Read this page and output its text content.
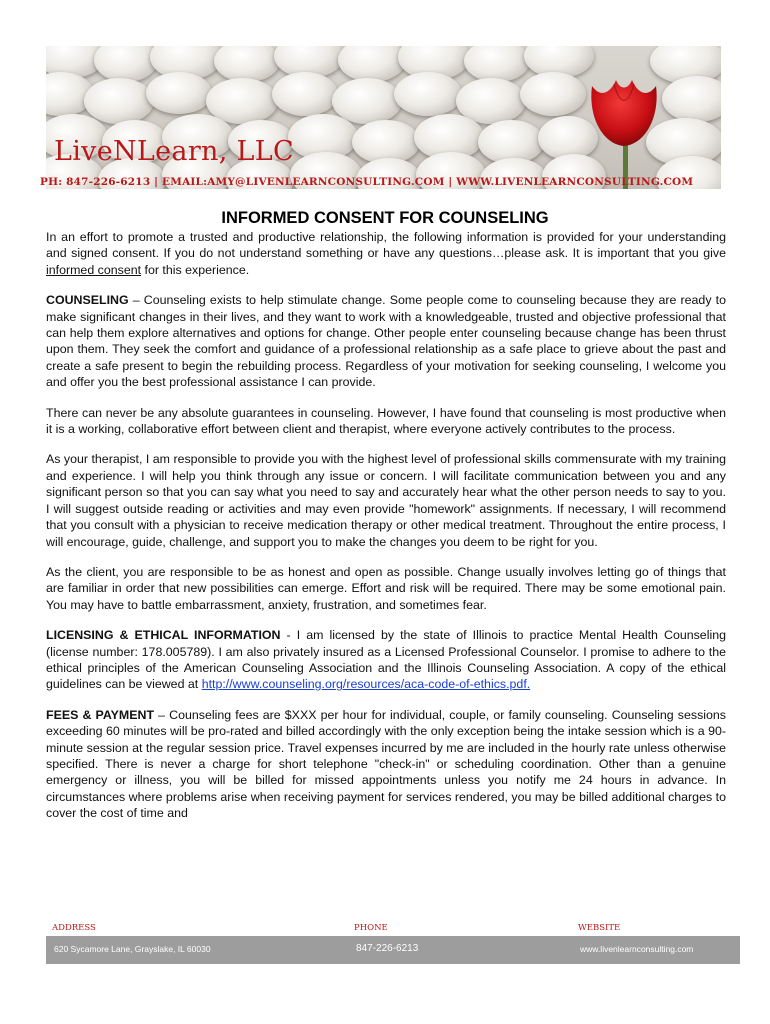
LiveNLearn, LLC
PH: 847-226-6213 | EMAIL:AMY@LIVENLEARNCONSULTING.COM | WWW.LIVENLEARNCONSULTING.COM
INFORMED CONSENT FOR COUNSELING

In an effort to promote a trusted and productive relationship, the following information is provided for your understanding and signed consent. If you do not understand something or have any questions…please ask. It is important that you give informed consent for this experience.

COUNSELING – Counseling exists to help stimulate change. Some people come to counseling because they are ready to make significant changes in their lives, and they want to work with a knowledgeable, trusted and objective professional that can help them explore alternatives and options for change. Other people enter counseling because change has been thrust upon them. They seek the comfort and guidance of a professional relationship as a safe place to grieve about the past and create a safe present to begin the rebuilding process. Regardless of your motivation for seeking counseling, I welcome you and offer you the best professional assistance I can provide.

There can never be any absolute guarantees in counseling. However, I have found that counseling is most productive when it is a working, collaborative effort between client and therapist, where everyone actively contributes to the process.

As your therapist, I am responsible to provide you with the highest level of professional skills commensurate with my training and experience. I will help you think through any issue or concern. I will facilitate communication between you and any significant person so that you can say what you need to say and accurately hear what the other person needs to say to you. I will suggest outside reading or activities and may even provide "homework" assignments. If necessary, I will recommend that you consult with a physician to receive medication therapy or other medical treatment. Throughout the entire process, I will encourage, guide, challenge, and support you to make the changes you deem to be right for you.

As the client, you are responsible to be as honest and open as possible. Change usually involves letting go of things that are familiar in order that new possibilities can emerge. Effort and risk will be required. There may be some emotional pain. You may have to battle embarrassment, anxiety, frustration, and sometimes fear.

LICENSING & ETHICAL INFORMATION - I am licensed by the state of Illinois to practice Mental Health Counseling (license number: 178.005789). I am also privately insured as a Licensed Professional Counselor. I promise to adhere to the ethical principles of the American Counseling Association and the Illinois Counseling Association. A copy of the ethical guidelines can be viewed at http://www.counseling.org/resources/aca-code-of-ethics.pdf.

FEES & PAYMENT – Counseling fees are $XXX per hour for individual, couple, or family counseling. Counseling sessions exceeding 60 minutes will be pro-rated and billed accordingly with the only exception being the intake session which is a 90-minute session at the regular session price. Travel expenses incurred by me are included in the hourly rate unless otherwise specified. There is never a charge for short telephone "check-in" or scheduling coordination. Other than a genuine emergency or illness, you will be billed for missed appointments unless you notify me 24 hours in advance. In circumstances where problems arise when receiving payment for services rendered, you may be billed additional charges to cover the cost of time and

ADDRESS	PHONE	WEBSITE
620 Sycamore Lane, Grayslake, IL 60030	847-226-6213	www.livenlearnconsulting.com
